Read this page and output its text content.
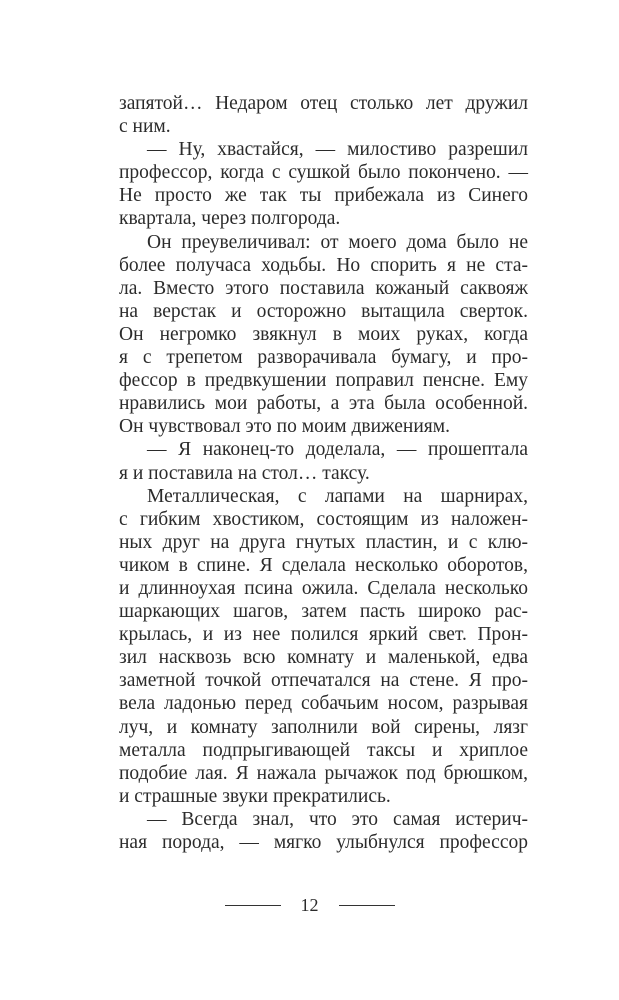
запятой… Недаром отец столько лет дружил
с ним.
— Ну, хвастайся, — милостиво разрешил
профессор, когда с сушкой было покончено. —
Не просто же так ты прибежала из Синего
квартала, через полгорода.
Он преувеличивал: от моего дома было не
более получаса ходьбы. Но спорить я не ста-
ла. Вместо этого поставила кожаный саквояж
на верстак и осторожно вытащила сверток.
Он негромко звякнул в моих руках, когда
я с трепетом разворачивала бумагу, и про-
фессор в предвкушении поправил пенсне. Ему
нравились мои работы, а эта была особенной.
Он чувствовал это по моим движениям.
— Я наконец-то доделала, — прошептала
я и поставила на стол… таксу.
Металлическая, с лапами на шарнирах,
с гибким хвостиком, состоящим из наложен-
ных друг на друга гнутых пластин, и с клю-
чиком в спине. Я сделала несколько оборотов,
и длинноухая псина ожила. Сделала несколько
шаркающих шагов, затем пасть широко рас-
крылась, и из нее полился яркий свет. Прон-
зил насквозь всю комнату и маленькой, едва
заметной точкой отпечатался на стене. Я про-
вела ладонью перед собачьим носом, разрывая
луч, и комнату заполнили вой сирены, лязг
металла подпрыгивающей таксы и хриплое
подобие лая. Я нажала рычажок под брюшком,
и страшные звуки прекратились.
— Всегда знал, что это самая истерич-
ная порода, — мягко улыбнулся профессор
12
